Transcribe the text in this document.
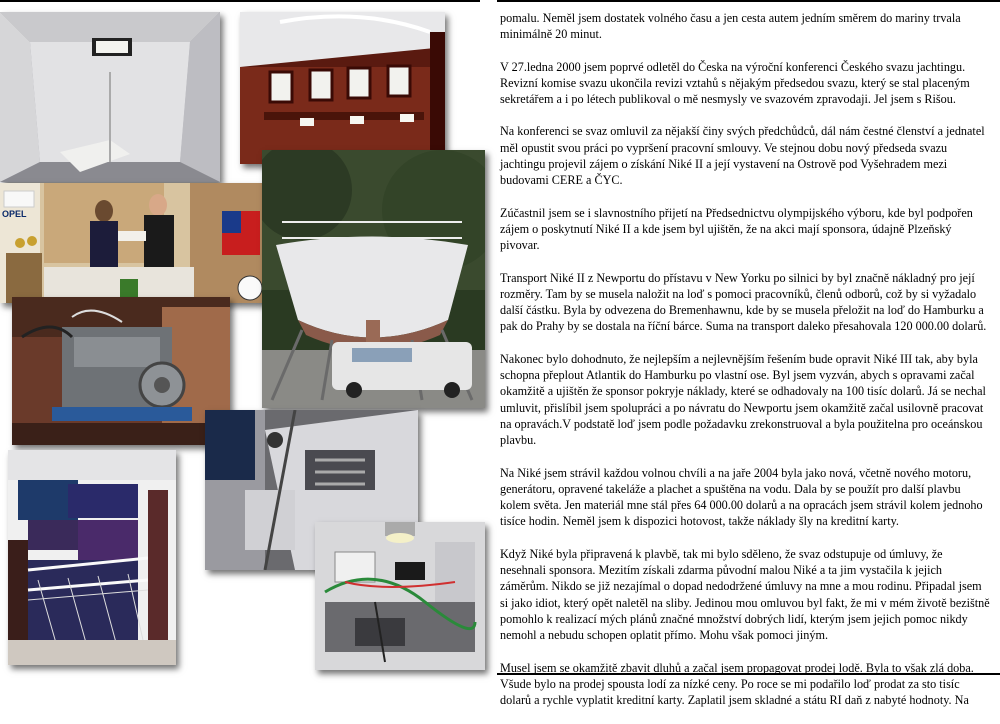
OPEL

pomalu. Neměl jsem dostatek volného času a jen cesta autem jedním směrem do mariny trvala minimálně 20 minut.

V 27.ledna 2000 jsem poprvé odletěl do Česka na výroční konferenci Českého svazu jachtingu. Revizní komise svazu ukončila revizi vztahů s nějakým předsedou svazu, který se stal placeným sekretářem a i po létech publikoval o mě nesmysly ve svazovém zpravodaji. Jel jsem s Rišou.

Na konferenci se svaz omluvil za nějakší činy svých předchůdců, dál nám čestné členství a jednatel měl opustit svou práci po vypršení pracovní smlouvy. Ve stejnou dobu nový předseda svazu jachtingu projevil zájem o získání Niké II a její vystavení na Ostrově pod Vyšehradem mezi budovami CERE a ČYC.

Zúčastnil jsem se i slavnostního přijetí na Předsednictvu olympijského výboru, kde byl podpořen zájem o poskytnutí Niké II a kde jsem byl ujištěn, že na akci mají sponsora, údajně Plzeňský pivovar.

Transport Niké II z Newportu do přístavu v New Yorku po silnici by byl značně nákladný pro její rozměry. Tam by se musela naložit na loď s pomoci pracovníků, členů odborů, což by si vyžadalo další částku. Byla by odvezena do Bremenhawnu, kde by se musela přeložit na loď do Hamburku a pak do Prahy by se dostala na říční bárce. Suma na transport daleko přesahovala 120 000.00 dolarů.

Nakonec bylo dohodnuto, že nejlepším a nejlevnějším řešením bude opravit Niké III tak, aby byla schopna přeplout Atlantik do Hamburku po vlastní ose. Byl jsem vyzván, abych s opravami začal okamžitě a ujištěn že sponsor pokryje náklady, které se odhadovaly na 100 tisíc dolarů. Já se nechal umluvit, přislíbil jsem spolupráci a po návratu do Newportu jsem okamžitě začal usilovně pracovat na opravách.V podstatě loď jsem podle požadavku zrekonstruoval a byla použitelna pro oceánskou plavbu.

Na Niké jsem strávil každou volnou chvíli a na jaře 2004 byla jako nová, včetně nového motoru, generátoru, opravené takeláže a plachet a spuštěna na vodu. Dala by se použít pro další plavbu kolem světa. Jen materiál mne stál přes 64 000.00 dolarů a na opracách jsem strávil kolem jednoho tisíce hodin. Neměl jsem k dispozici hotovost, takže náklady šly na kreditní karty.

Když Niké byla připravená k plavbě, tak mi bylo sděleno, že svaz odstupuje od úmluvy, že nesehnali sponsora. Mezitím získali zdarma původní malou Niké a ta jim vystačila k jejich záměrům. Nikdo se již nezajímal o dopad nedodržené úmluvy na mne a mou rodinu. Připadal jsem si jako idiot, který opět naletěl na sliby. Jedinou mou omluvou byl fakt, že mi v mém životě bezištně pomohlo k realizací mých plánů značné množství dobrých lidí, kterým jsem jejich pomoc nikdy nemohl a nebudu schopen oplatit přímo. Mohu však pomoci jiným.

Musel jsem se okamžitě zbavit dluhů a začal jsem propagovat prodej lodě. Byla to však zlá doba. Všude bylo na prodej spousta lodí za nízké ceny. Po roce se mi podařilo loď prodat za sto tisíc dolarů a rychle vyplatit kreditní karty. Zaplatil jsem skladné a státu RI daň z nabyté hodnoty. Na
